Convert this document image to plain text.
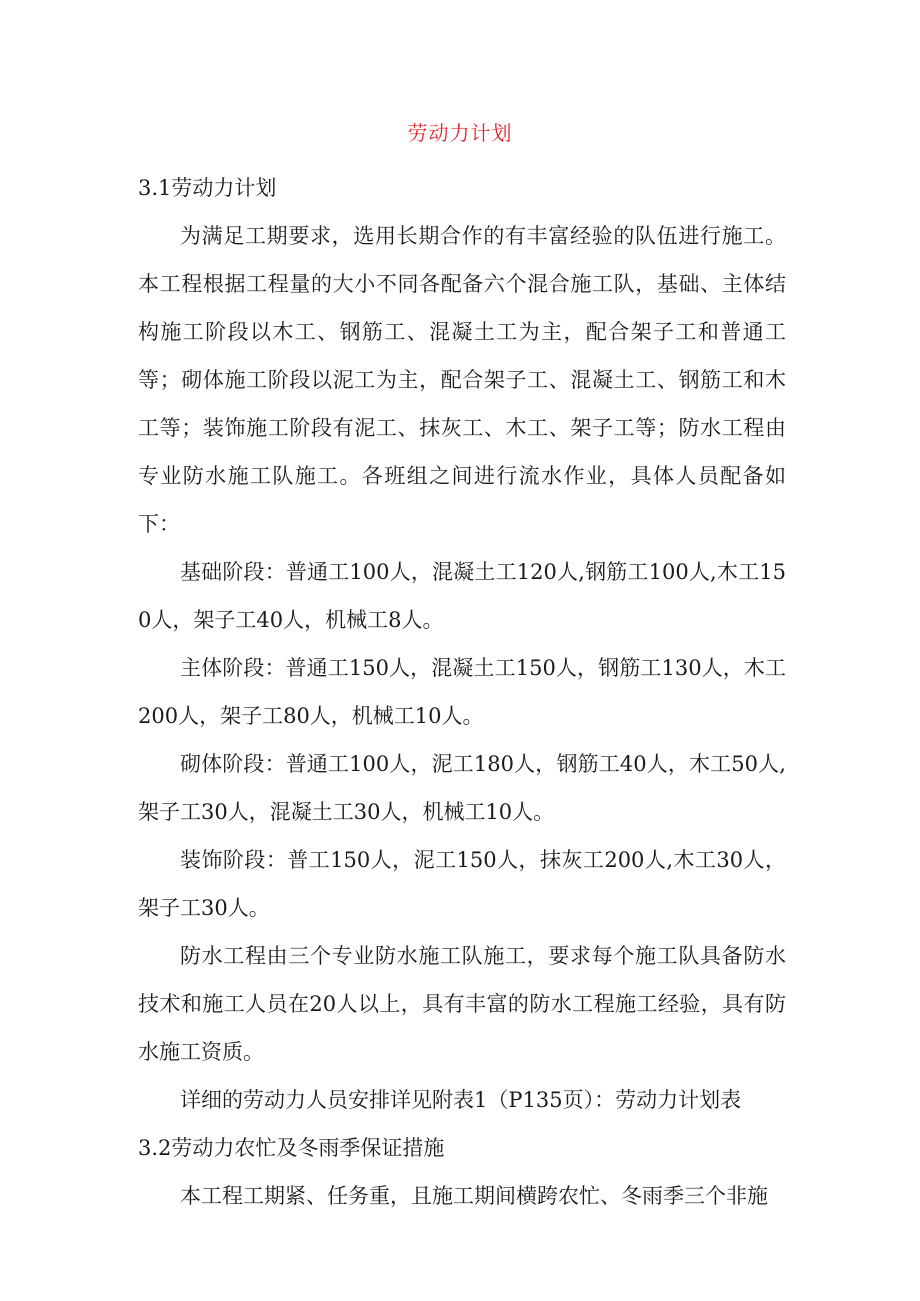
劳动力计划
3.1劳动力计划

为满足工期要求，选用长期合作的有丰富经验的队伍进行施工。本工程根据工程量的大小不同各配备六个混合施工队，基础、主体结构施工阶段以木工、钢筋工、混凝土工为主，配合架子工和普通工等；砌体施工阶段以泥工为主，配合架子工、混凝土工、钢筋工和木工等；装饰施工阶段有泥工、抹灰工、木工、架子工等；防水工程由专业防水施工队施工。各班组之间进行流水作业，具体人员配备如下：

基础阶段：普通工100人，混凝土工120人,钢筋工100人,木工150人，架子工40人，机械工8人。

主体阶段：普通工150人，混凝土工150人，钢筋工130人，木工200人，架子工80人，机械工10人。

砌体阶段：普通工100人，泥工180人，钢筋工40人，木工50人,架子工30人，混凝土工30人，机械工10人。

装饰阶段：普工150人，泥工150人，抹灰工200人,木工30人，架子工30人。

防水工程由三个专业防水施工队施工，要求每个施工队具备防水技术和施工人员在20人以上，具有丰富的防水工程施工经验，具有防水施工资质。

详细的劳动力人员安排详见附表1（P135页）：劳动力计划表

3.2劳动力农忙及冬雨季保证措施

本工程工期紧、任务重，且施工期间横跨农忙、冬雨季三个非施
